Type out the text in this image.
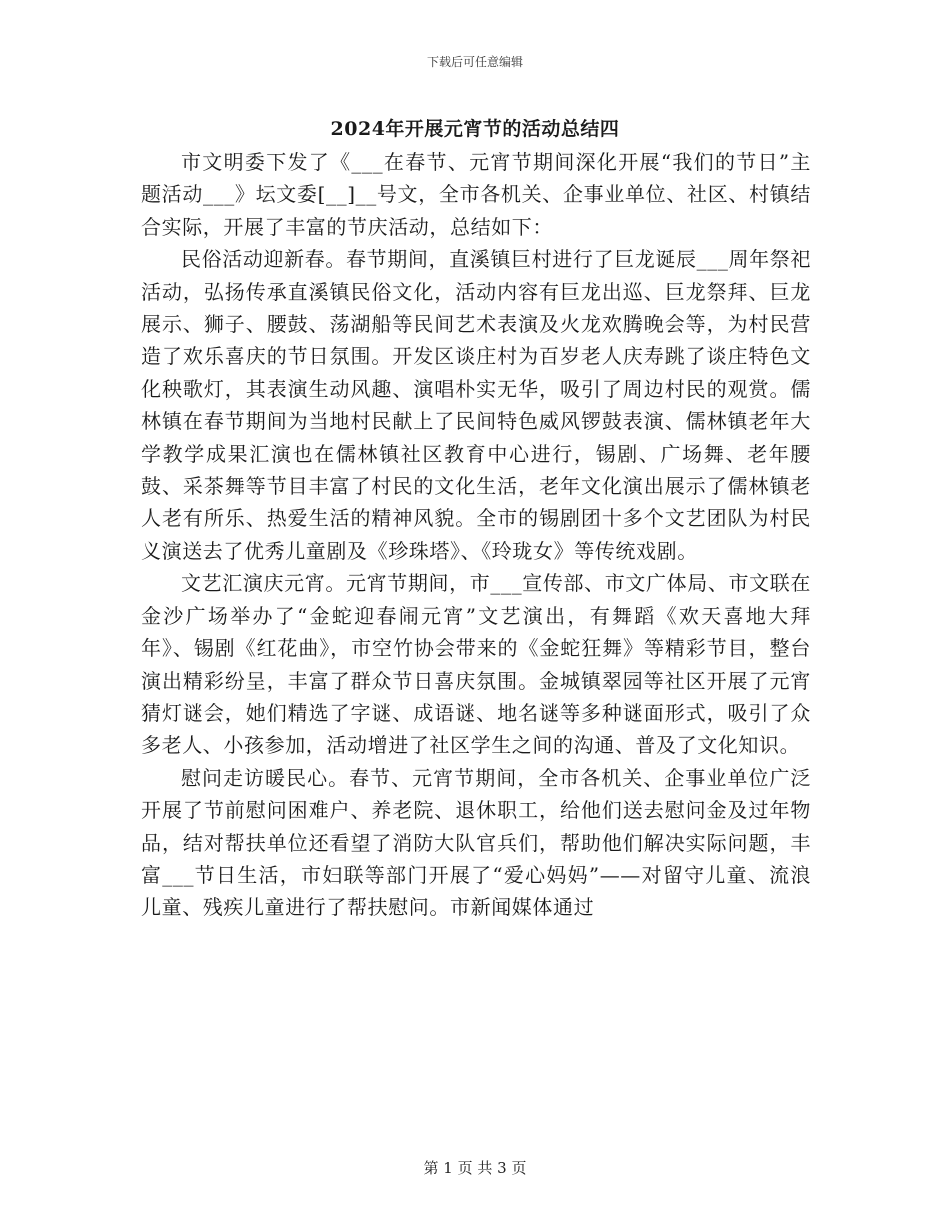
下载后可任意编辑
2024年开展元宵节的活动总结四

市文明委下发了《___在春节、元宵节期间深化开展“我们的节日”主题活动___》坛文委[__]__号文，全市各机关、企事业单位、社区、村镇结合实际，开展了丰富的节庆活动，总结如下：

民俗活动迎新春。春节期间，直溪镇巨村进行了巨龙诞辰___周年祭祀活动，弘扬传承直溪镇民俗文化，活动内容有巨龙出巡、巨龙祭拜、巨龙展示、狮子、腰鼓、荡湖船等民间艺术表演及火龙欢腾晚会等，为村民营造了欢乐喜庆的节日氛围。开发区谈庄村为百岁老人庆寿跳了谈庄特色文化秧歌灯，其表演生动风趣、演唱朴实无华，吸引了周边村民的观赏。儒林镇在春节期间为当地村民献上了民间特色威风锣鼓表演、儒林镇老年大学教学成果汇演也在儒林镇社区教育中心进行，锡剧、广场舞、老年腰鼓、采茶舞等节目丰富了村民的文化生活，老年文化演出展示了儒林镇老人老有所乐、热爱生活的精神风貌。全市的锡剧团十多个文艺团队为村民义演送去了优秀儿童剧及《珍珠塔》、《玲珑女》等传统戏剧。

文艺汇演庆元宵。元宵节期间，市___宣传部、市文广体局、市文联在金沙广场举办了“金蛇迎春闹元宵”文艺演出，有舞蹈《欢天喜地大拜年》、锡剧《红花曲》，市空竹协会带来的《金蛇狂舞》等精彩节目，整台演出精彩纷呈，丰富了群众节日喜庆氛围。金城镇翠园等社区开展了元宵猜灯谜会，她们精选了字谜、成语谜、地名谜等多种谜面形式，吸引了众多老人、小孩参加，活动增进了社区学生之间的沟通、普及了文化知识。

慰问走访暖民心。春节、元宵节期间，全市各机关、企事业单位广泛开展了节前慰问困难户、养老院、退休职工，给他们送去慰问金及过年物品，结对帮扶单位还看望了消防大队官兵们，帮助他们解决实际问题，丰富___节日生活，市妇联等部门开展了“爱心妈妈”——对留守儿童、流浪儿童、残疾儿童进行了帮扶慰问。市新闻媒体通过

第 1 页 共 3 页
